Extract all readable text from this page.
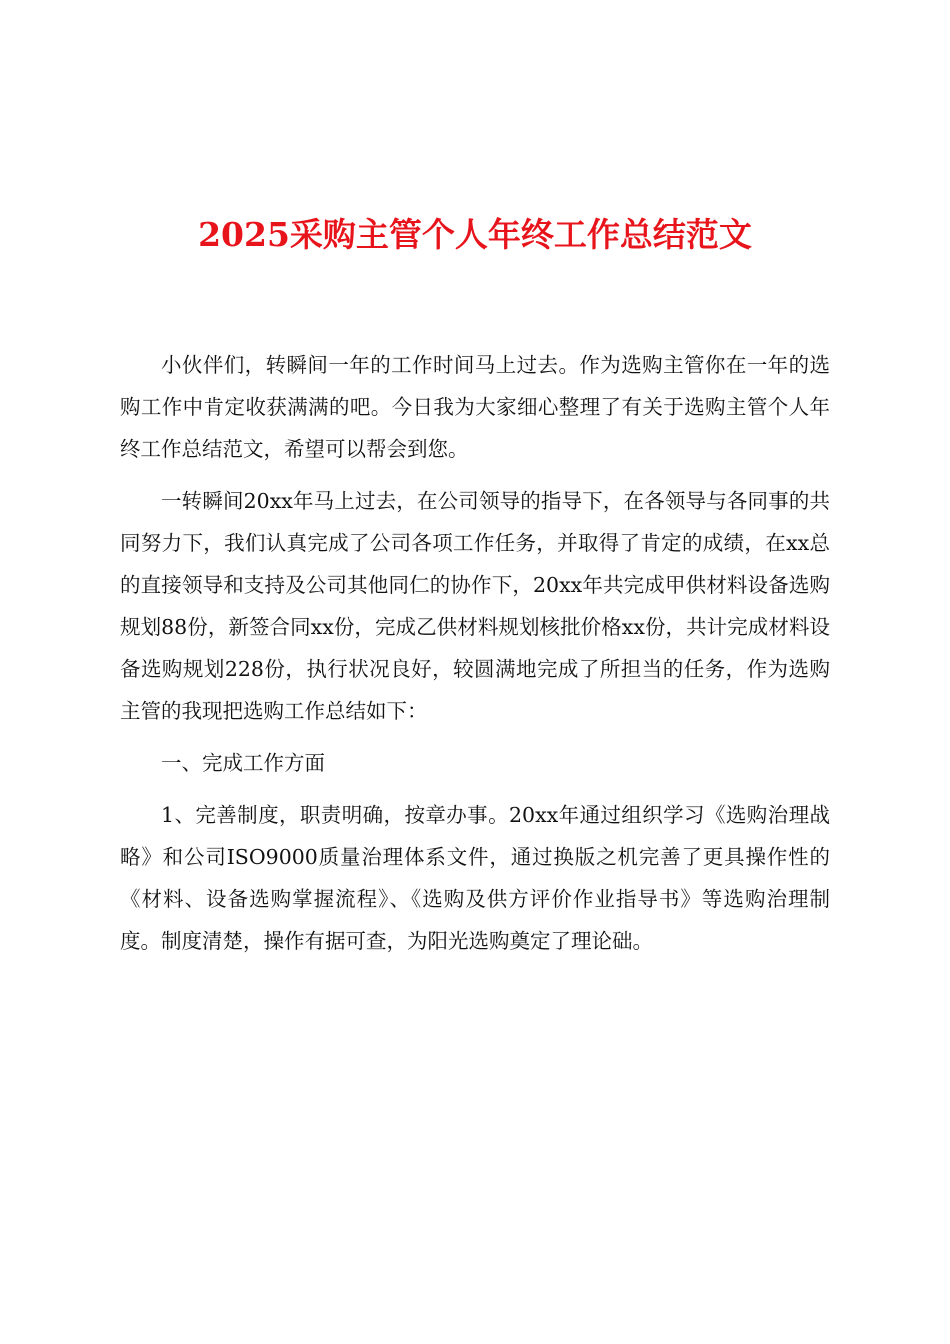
2025采购主管个人年终工作总结范文

小伙伴们，转瞬间一年的工作时间马上过去。作为选购主管你在一年的选购工作中肯定收获满满的吧。今日我为大家细心整理了有关于选购主管个人年终工作总结范文，希望可以帮会到您。

一转瞬间20xx年马上过去，在公司领导的指导下，在各领导与各同事的共同努力下，我们认真完成了公司各项工作任务，并取得了肯定的成绩，在xx总的直接领导和支持及公司其他同仁的协作下，20xx年共完成甲供材料设备选购规划88份，新签合同xx份，完成乙供材料规划核批价格xx份，共计完成材料设备选购规划228份，执行状况良好，较圆满地完成了所担当的任务，作为选购主管的我现把选购工作总结如下：

一、完成工作方面

1、完善制度，职责明确，按章办事。20xx年通过组织学习《选购治理战略》和公司ISO9000质量治理体系文件，通过换版之机完善了更具操作性的《材料、设备选购掌握流程》、《选购及供方评价作业指导书》等选购治理制度。制度清楚，操作有据可查，为阳光选购奠定了理论础。
